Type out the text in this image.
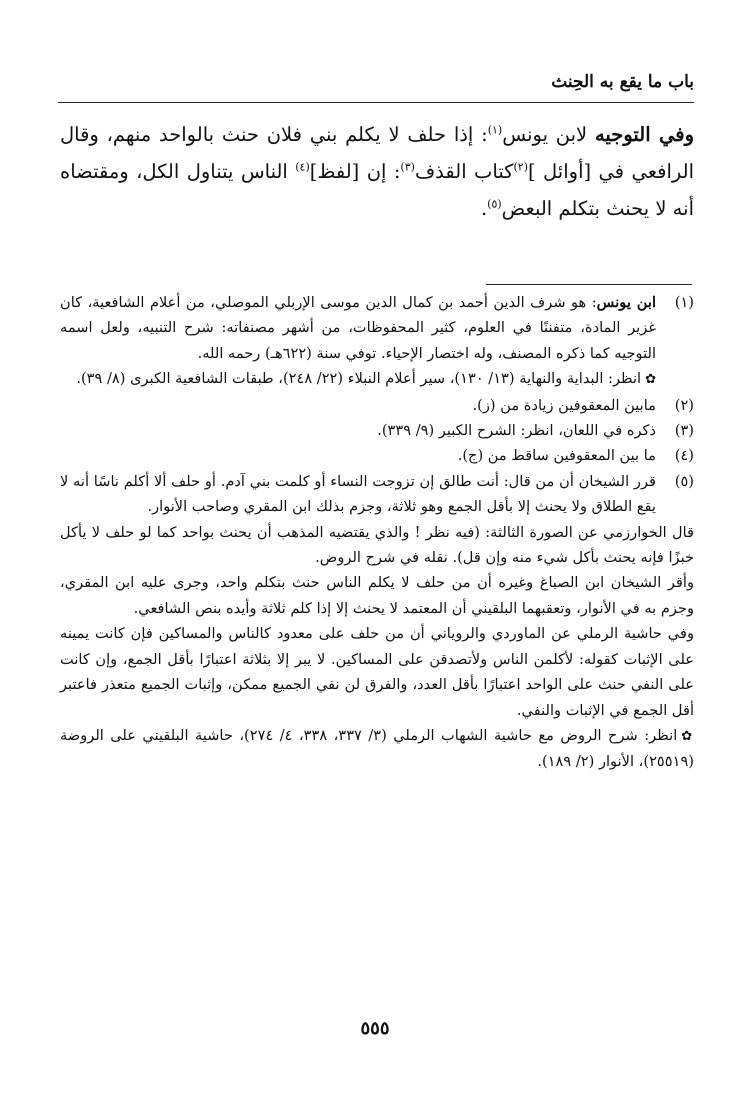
باب ما يقع به الحِنث
وفي التوجيه لابن يونس$^{(١)}$: إذا حلف لا يكلم بني فلان حنث بالواحد منهم، وقال الرافعي في [أوائل ]$^{(٢)}$كتاب القذف$^{(٣)}$: إن [لفظ]$^{(٤)}$ الناس يتناول الكل، ومقتضاه أنه لا يحنث بتكلم البعض$^{(٥)}$.
(١)
ابن يونس: هو شرف الدين أحمد بن كمال الدين موسى الإربلي الموصلي، من أعلام الشافعية، كان غزير المادة، متفننًا في العلوم، كثير المحفوظات، من أشهر مصنفاته: شرح التنبيه، ولعل اسمه التوجيه كما ذكره المصنف، وله اختصار الإحياء. توفي سنة (٦٢٢هـ) رحمه الله.
✿انظر: البداية والنهاية (١٣/ ١٣٠)، سير أعلام النبلاء (٢٢/ ٢٤٨)، طبقات الشافعية الكبرى (٨/ ٣٩).
(٢)
مابين المعقوفين زيادة من (ز).
(٣)
ذكره في اللعان، انظر: الشرح الكبير (٩/ ٣٣٩).
(٤)
ما بين المعقوفين ساقط من (ج).
(٥)
قرر الشيخان أن من قال: أنت طالق إن تزوجت النساء أو كلمت بني آدم. أو حلف ألا أكلم ناسًا أنه لا يقع الطلاق ولا يحنث إلا بأقل الجمع وهو ثلاثة، وجزم بذلك ابن المقري وصاحب الأنوار.
قال الخوارزمي عن الصورة الثالثة: (فيه نظر ! والذي يقتضيه المذهب أن يحنث بواحد كما لو حلف لا يأكل خبزًا فإنه يحنث بأكل شيء منه وإن قل). نقله في شرح الروض.
وأقر الشيخان ابن الصباغ وغيره أن من حلف لا يكلم الناس حنث بتكلم واحد، وجرى عليه ابن المقري، وجزم به في الأنوار، وتعقبهما البلقيني أن المعتمد لا يحنث إلا إذا كلم ثلاثة وأيده بنص الشافعي.
وفي حاشية الرملي عن الماوردي والروياني أن من حلف على معدود كالناس والمساكين فإن كانت يمينه على الإثبات كقوله: لأكلمن الناس ولأتصدقن على المساكين. لا يبر إلا بثلاثة اعتبارًا بأقل الجمع، وإن كانت على النفي حنث على الواحد اعتبارًا بأقل العدد، والفرق لن نفي الجميع ممكن، وإثبات الجميع متعذر فاعتبر أقل الجمع في الإثبات والنفي.
✿انظر: شرح الروض مع حاشية الشهاب الرملي (٣/ ٣٣٧، ٣٣٨، ٤/ ٢٧٤)، حاشية البلقيني على الروضة (٢٥٥١٩)، الأنوار (٢/ ١٨٩).
٥٥٥
